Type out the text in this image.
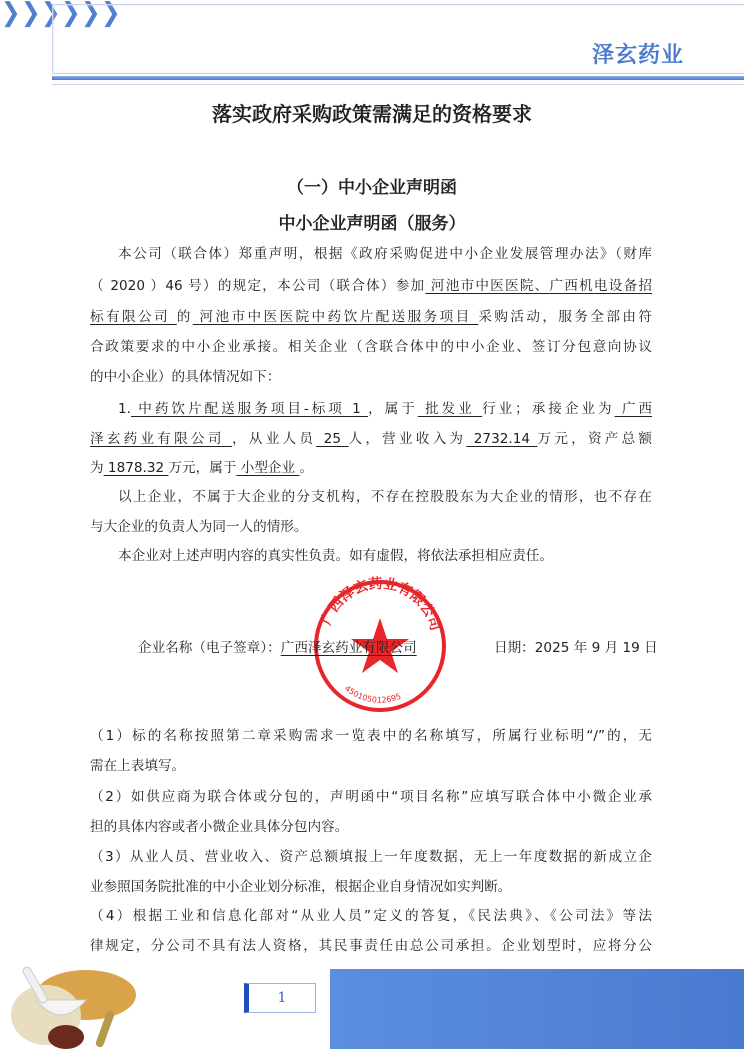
❯ ❯ ❯ ❯ ❯ ❯
泽玄药业
落实政府采购政策需满足的资格要求
（一）中小企业声明函
中小企业声明函（服务）
本公司（联合体）郑重声明，根据《政府采购促进中小企业发展管理办法》（财库
（ 2020 ）46 号）的规定，本公司（联合体）参加 河池市中医医院、广西机电设备招
标有限公司 的 河池市中医医院中药饮片配送服务项目 采购活动，服务全部由符
合政策要求的中小企业承接。相关企业（含联合体中的中小企业、签订分包意向协议
的中小企业）的具体情况如下：
1. 中药饮片配送服务项目-标项 1 ，属于 批发业 行业；承接企业为 广西
泽玄药业有限公司 ，从业人员 25 人，营业收入为 2732.14 万元，资产总额
为 1878.32 万元，属于 小型企业 。
以上企业，不属于大企业的分支机构，不存在控股股东为大企业的情形，也不存在
与大企业的负责人为同一人的情形。
本企业对上述声明内容的真实性负责。如有虚假，将依法承担相应责任。
广西泽玄药业有限公司
450105012695
企业名称（电子签章）：广西泽玄药业有限公司	日期：2025 年 9 月 19 日
（1）标的名称按照第二章采购需求一览表中的名称填写，所属行业标明“/”的，无
需在上表填写。
（2）如供应商为联合体或分包的，声明函中“项目名称”应填写联合体中小微企业承
担的具体内容或者小微企业具体分包内容。
（3）从业人员、营业收入、资产总额填报上一年度数据，无上一年度数据的新成立企
业参照国务院批准的中小企业划分标准，根据企业自身情况如实判断。
（4）根据工业和信息化部对“从业人员”定义的答复，《民法典》、《公司法》等法
律规定，分公司不具有法人资格，其民事责任由总公司承担。企业划型时，应将分公
1
